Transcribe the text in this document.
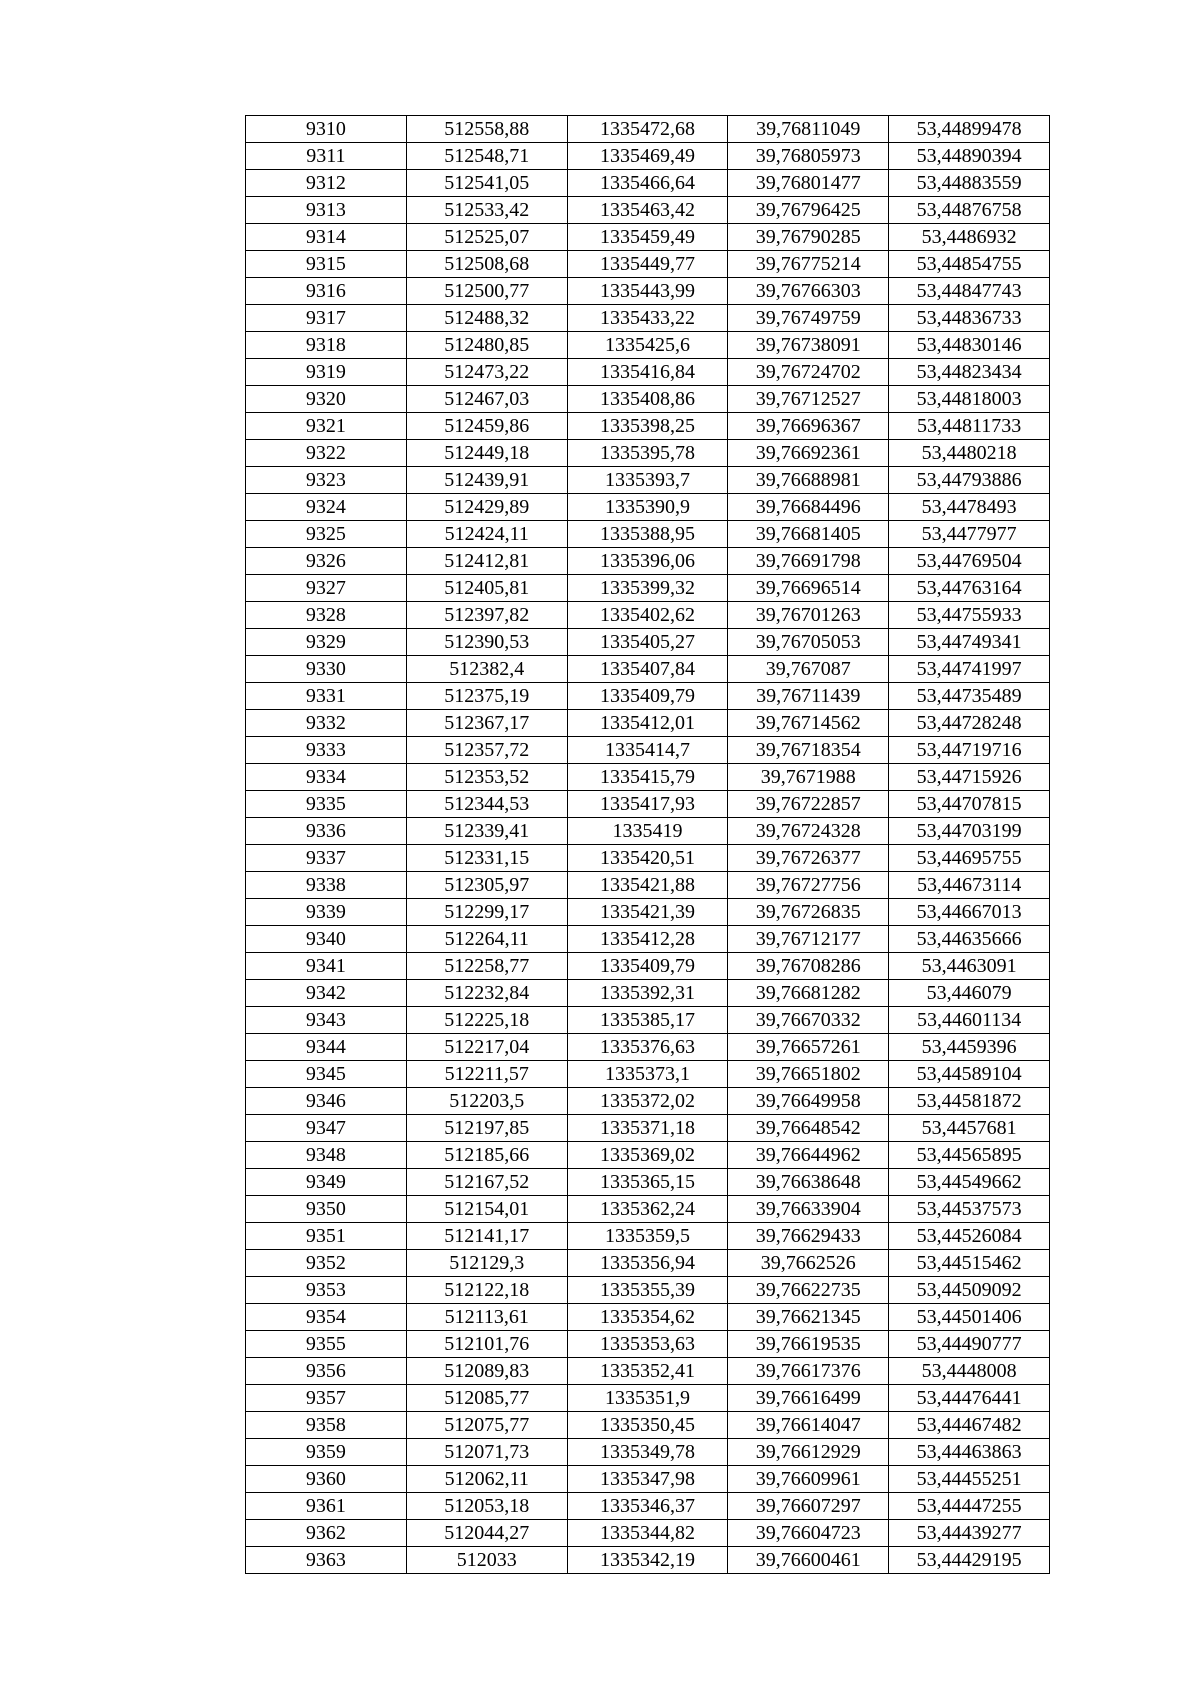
9310	512558,88	1335472,68	39,76811049	53,44899478
9311	512548,71	1335469,49	39,76805973	53,44890394
9312	512541,05	1335466,64	39,76801477	53,44883559
9313	512533,42	1335463,42	39,76796425	53,44876758
9314	512525,07	1335459,49	39,76790285	53,4486932
9315	512508,68	1335449,77	39,76775214	53,44854755
9316	512500,77	1335443,99	39,76766303	53,44847743
9317	512488,32	1335433,22	39,76749759	53,44836733
9318	512480,85	1335425,6	39,76738091	53,44830146
9319	512473,22	1335416,84	39,76724702	53,44823434
9320	512467,03	1335408,86	39,76712527	53,44818003
9321	512459,86	1335398,25	39,76696367	53,44811733
9322	512449,18	1335395,78	39,76692361	53,4480218
9323	512439,91	1335393,7	39,76688981	53,44793886
9324	512429,89	1335390,9	39,76684496	53,4478493
9325	512424,11	1335388,95	39,76681405	53,4477977
9326	512412,81	1335396,06	39,76691798	53,44769504
9327	512405,81	1335399,32	39,76696514	53,44763164
9328	512397,82	1335402,62	39,76701263	53,44755933
9329	512390,53	1335405,27	39,76705053	53,44749341
9330	512382,4	1335407,84	39,767087	53,44741997
9331	512375,19	1335409,79	39,76711439	53,44735489
9332	512367,17	1335412,01	39,76714562	53,44728248
9333	512357,72	1335414,7	39,76718354	53,44719716
9334	512353,52	1335415,79	39,7671988	53,44715926
9335	512344,53	1335417,93	39,76722857	53,44707815
9336	512339,41	1335419	39,76724328	53,44703199
9337	512331,15	1335420,51	39,76726377	53,44695755
9338	512305,97	1335421,88	39,76727756	53,44673114
9339	512299,17	1335421,39	39,76726835	53,44667013
9340	512264,11	1335412,28	39,76712177	53,44635666
9341	512258,77	1335409,79	39,76708286	53,4463091
9342	512232,84	1335392,31	39,76681282	53,446079
9343	512225,18	1335385,17	39,76670332	53,44601134
9344	512217,04	1335376,63	39,76657261	53,4459396
9345	512211,57	1335373,1	39,76651802	53,44589104
9346	512203,5	1335372,02	39,76649958	53,44581872
9347	512197,85	1335371,18	39,76648542	53,4457681
9348	512185,66	1335369,02	39,76644962	53,44565895
9349	512167,52	1335365,15	39,76638648	53,44549662
9350	512154,01	1335362,24	39,76633904	53,44537573
9351	512141,17	1335359,5	39,76629433	53,44526084
9352	512129,3	1335356,94	39,7662526	53,44515462
9353	512122,18	1335355,39	39,76622735	53,44509092
9354	512113,61	1335354,62	39,76621345	53,44501406
9355	512101,76	1335353,63	39,76619535	53,44490777
9356	512089,83	1335352,41	39,76617376	53,4448008
9357	512085,77	1335351,9	39,76616499	53,44476441
9358	512075,77	1335350,45	39,76614047	53,44467482
9359	512071,73	1335349,78	39,76612929	53,44463863
9360	512062,11	1335347,98	39,76609961	53,44455251
9361	512053,18	1335346,37	39,76607297	53,44447255
9362	512044,27	1335344,82	39,76604723	53,44439277
9363	512033	1335342,19	39,76600461	53,44429195
